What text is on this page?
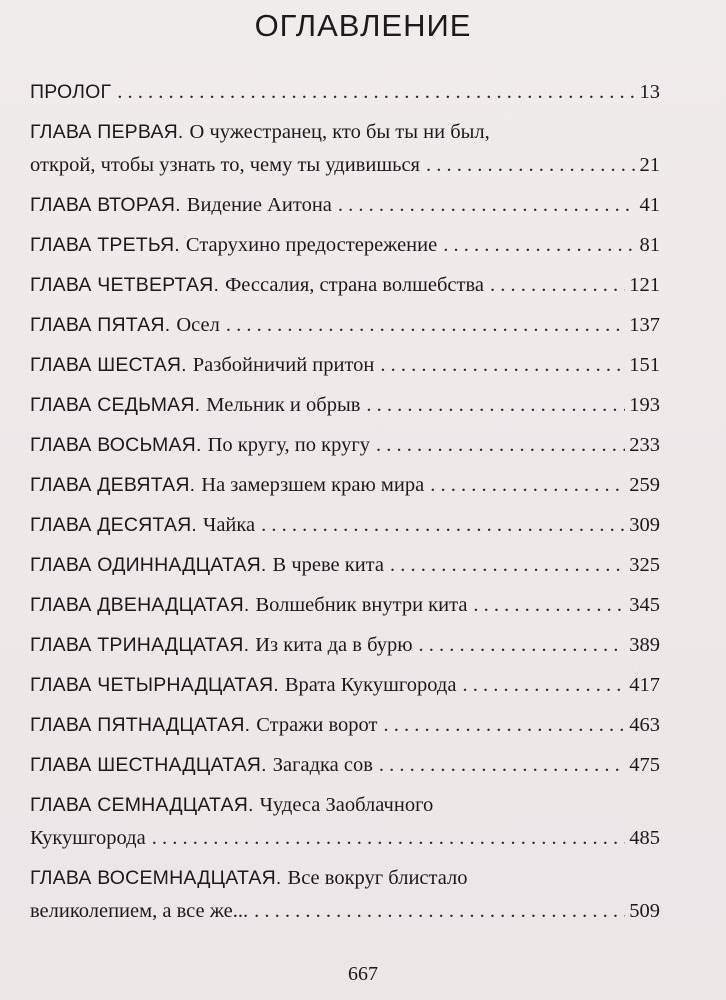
ОГЛАВЛЕНИЕ
ПРОЛОГ . . .	13
ГЛАВА ПЕРВАЯ. О чужестранец, кто бы ты ни был,
открой, чтобы узнать то, чему ты удивишься . . .	21
ГЛАВА ВТОРАЯ. Видение Аитона . . .	41
ГЛАВА ТРЕТЬЯ. Старухино предостережение . . .	81
ГЛАВА ЧЕТВЕРТАЯ. Фессалия, страна волшебства . . .	121
ГЛАВА ПЯТАЯ. Осел . . .	137
ГЛАВА ШЕСТАЯ. Разбойничий притон . . .	151
ГЛАВА СЕДЬМАЯ. Мельник и обрыв . . .	193
ГЛАВА ВОСЬМАЯ. По кругу, по кругу . . .	233
ГЛАВА ДЕВЯТАЯ. На замерзшем краю мира . . .	259
ГЛАВА ДЕСЯТАЯ. Чайка . . .	309
ГЛАВА ОДИННАДЦАТАЯ. В чреве кита . . .	325
ГЛАВА ДВЕНАДЦАТАЯ. Волшебник внутри кита . . .	345
ГЛАВА ТРИНАДЦАТАЯ. Из кита да в бурю . . .	389
ГЛАВА ЧЕТЫРНАДЦАТАЯ. Врата Кукушгорода . . .	417
ГЛАВА ПЯТНАДЦАТАЯ. Стражи ворот . . .	463
ГЛАВА ШЕСТНАДЦАТАЯ. Загадка сов . . .	475
ГЛАВА СЕМНАДЦАТАЯ. Чудеса Заоблачного
Кукушгорода . . .	485
ГЛАВА ВОСЕМНАДЦАТАЯ. Все вокруг блистало
великолепием, а все же... . . .	509
667
